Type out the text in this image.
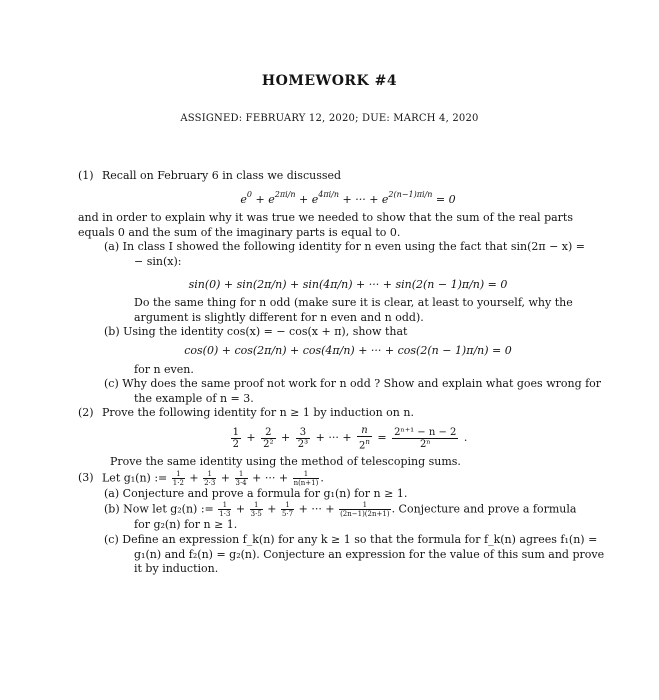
HOMEWORK #4
ASSIGNED: FEBRUARY 12, 2020; DUE: MARCH 4, 2020

(1) Recall on February 6 in class we discussed

$e^0 + e^{2\pi i/n} + e^{4\pi i/n}$ + ··· + $e^{2(n-1)\pi i/n} = 0$

and in order to explain why it was true we needed to show that the sum of the real parts

equals 0 and the sum of the imaginary parts is equal to 0.

(a) In class I showed the following identity for n even using the fact that sin(2π − x) =

− sin(x):

sin(0) + sin(2π/n) + sin(4π/n) + ··· + sin(2(n − 1)π/n) = 0

Do the same thing for n odd (make sure it is clear, at least to yourself, why the

argument is slightly different for n even and n odd).

(b) Using the identity cos(x) = − cos(x + π), show that

cos(0) + cos(2π/n) + cos(4π/n) + ··· + cos(2(n − 1)π/n) = 0

for n even.

(c) Why does the same proof not work for n odd ? Show and explain what goes wrong for

the example of n = 3.

(2) Prove the following identity for n ≥ 1 by induction on n.

$\frac{1}{2} + \frac{2}{\text{2²}} + \frac{3}{\text{2³}}$ + ··· + $\frac{n}{2^n} = \frac{\text{2ⁿ⁺¹ − n − 2}}{\text{2ⁿ}}$ .

Prove the same identity using the method of telescoping sums.

(3) Let g₁(n) := $\frac{1}{1\cdot 2} + \frac{1}{2\cdot 3} + \frac{1}{3\cdot 4}$ + ··· + $\frac{1}{n(n+1)}$ .

(a) Conjecture and prove a formula for g₁(n) for n ≥ 1.

(b) Now let g₂(n) := $\frac{1}{1\cdot 3} + \frac{1}{3\cdot 5} + \frac{1}{5\cdot 7}$ + ··· + $\frac{1}{(2n-1)(2n+1)}$ . Conjecture and prove a formula

for g₂(n) for n ≥ 1.

(c) Define an expression f_k(n) for any k ≥ 1 so that the formula for f_k(n) agrees f₁(n) =

g₁(n) and f₂(n) = g₂(n). Conjecture an expression for the value of this sum and prove

it by induction.
